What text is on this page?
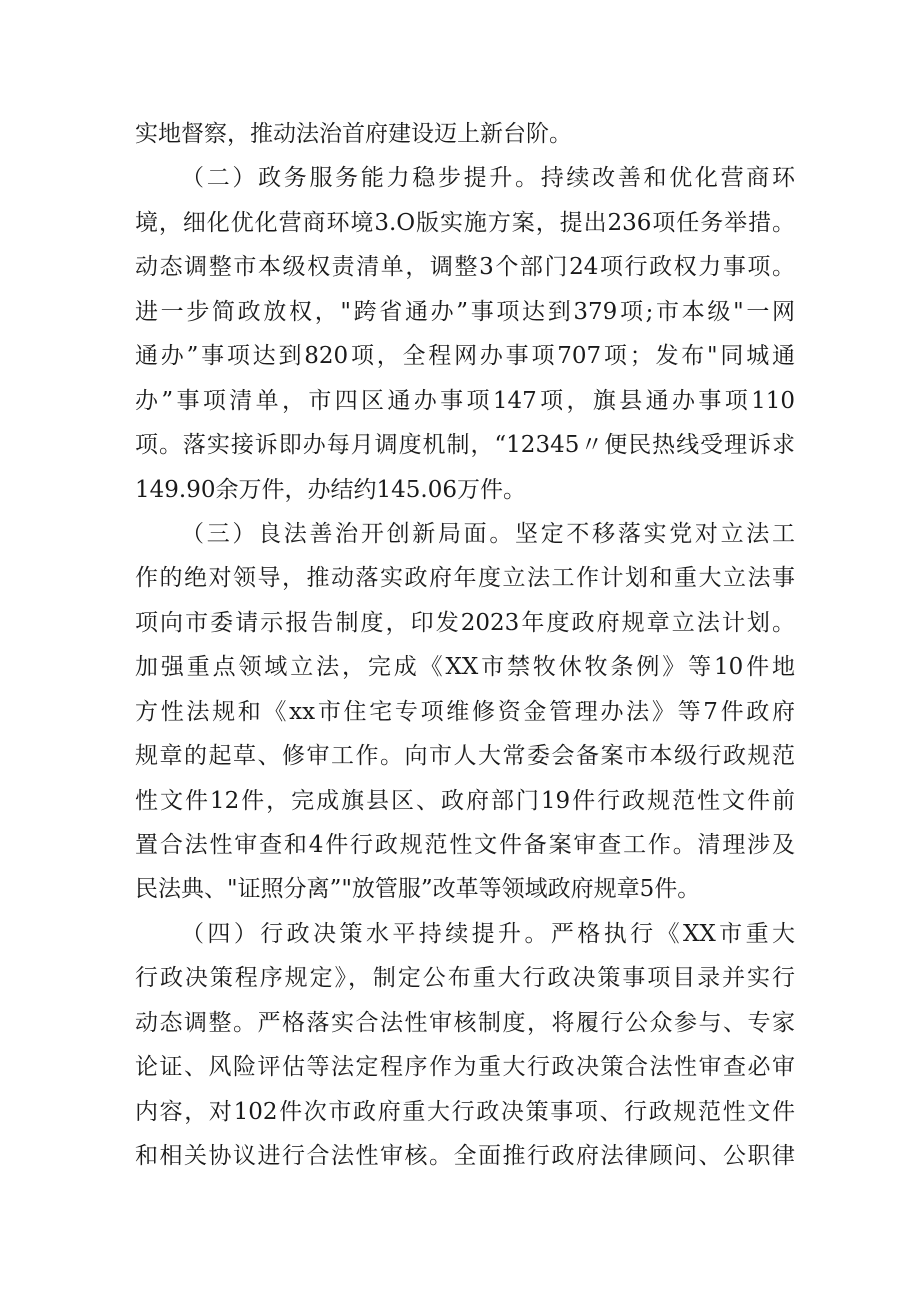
实地督察，推动法治首府建设迈上新台阶。
（二）政务服务能力稳步提升。持续改善和优化营商环
境，细化优化营商环境3.O版实施方案，提出236项任务举措。
动态调整市本级权责清单，调整3个部门24项行政权力事项。
进一步简政放权，"跨省通办”事项达到379项;市本级"一网
通办”事项达到820项，全程网办事项707项；发布"同城通
办”事项清单，市四区通办事项147项，旗县通办事项110
项。落实接诉即办每月调度机制，“12345〃便民热线受理诉求
149.90余万件，办结约145.06万件。
（三）良法善治开创新局面。坚定不移落实党对立法工
作的绝对领导，推动落实政府年度立法工作计划和重大立法事
项向市委请示报告制度，印发2023年度政府规章立法计划。
加强重点领域立法，完成《XX市禁牧休牧条例》等10件地
方性法规和《xx市住宅专项维修资金管理办法》等7件政府
规章的起草、修审工作。向市人大常委会备案市本级行政规范
性文件12件，完成旗县区、政府部门19件行政规范性文件前
置合法性审查和4件行政规范性文件备案审查工作。清理涉及
民法典、"证照分离”"放管服”改革等领域政府规章5件。
（四）行政决策水平持续提升。严格执行《XX市重大
行政决策程序规定》，制定公布重大行政决策事项目录并实行
动态调整。严格落实合法性审核制度，将履行公众参与、专家
论证、风险评估等法定程序作为重大行政决策合法性审查必审
内容，对102件次市政府重大行政决策事项、行政规范性文件
和相关协议进行合法性审核。全面推行政府法律顾问、公职律
